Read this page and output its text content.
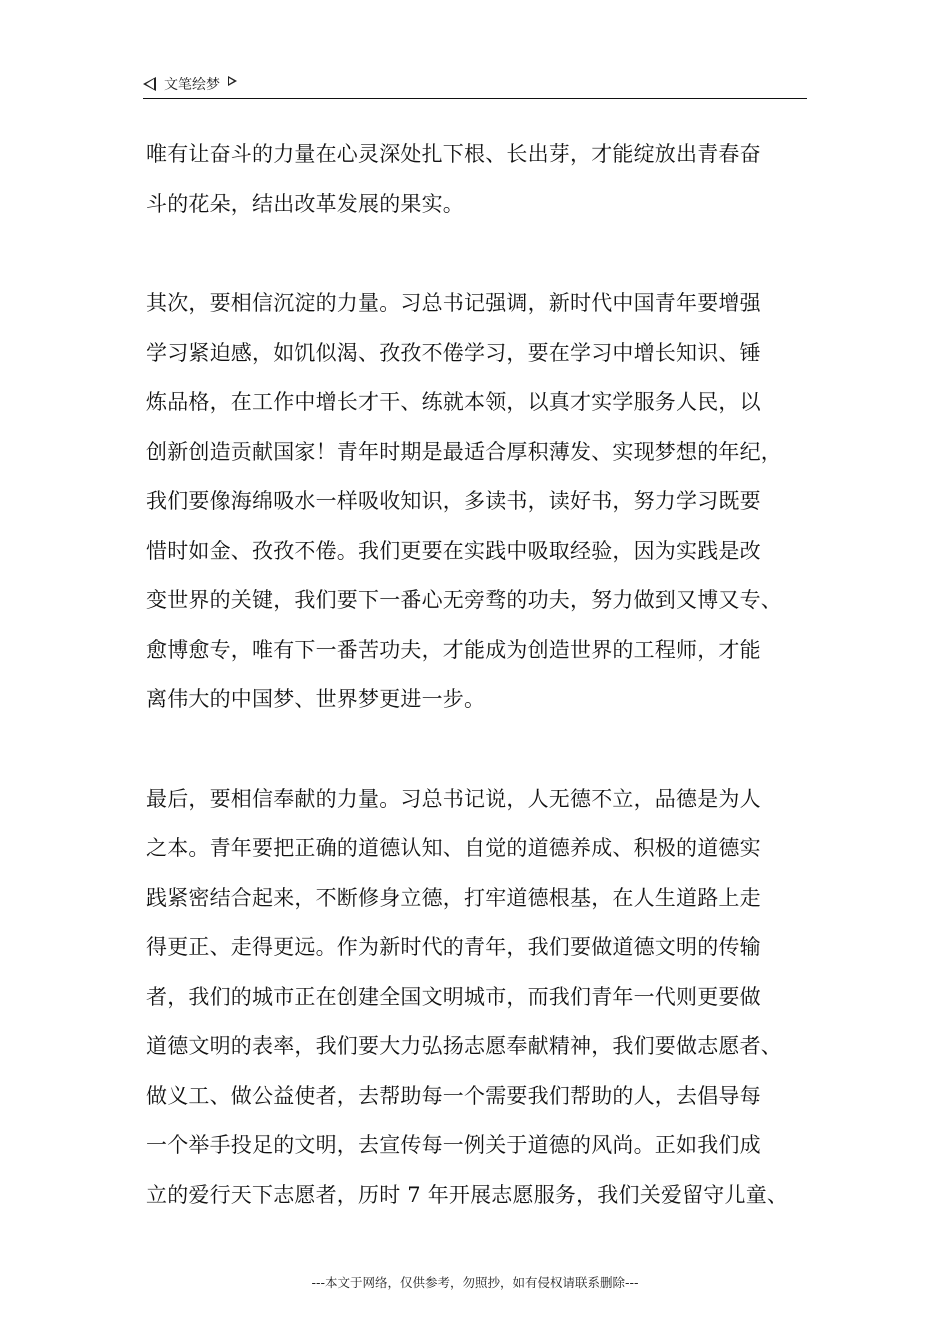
文笔绘梦

唯有让奋斗的力量在心灵深处扎下根、长出芽，才能绽放出青春奋
斗的花朵，结出改革发展的果实。

其次，要相信沉淀的力量。习总书记强调，新时代中国青年要增强
学习紧迫感，如饥似渴、孜孜不倦学习，要在学习中增长知识、锤
炼品格，在工作中增长才干、练就本领，以真才实学服务人民，以
创新创造贡献国家！青年时期是最适合厚积薄发、实现梦想的年纪，
我们要像海绵吸水一样吸收知识，多读书，读好书，努力学习既要
惜时如金、孜孜不倦。我们更要在实践中吸取经验，因为实践是改
变世界的关键，我们要下一番心无旁骛的功夫，努力做到又博又专、
愈博愈专，唯有下一番苦功夫，才能成为创造世界的工程师，才能
离伟大的中国梦、世界梦更进一步。

最后，要相信奉献的力量。习总书记说，人无德不立，品德是为人
之本。青年要把正确的道德认知、自觉的道德养成、积极的道德实
践紧密结合起来，不断修身立德，打牢道德根基，在人生道路上走
得更正、走得更远。作为新时代的青年，我们要做道德文明的传输
者，我们的城市正在创建全国文明城市，而我们青年一代则更要做
道德文明的表率，我们要大力弘扬志愿奉献精神，我们要做志愿者、
做义工、做公益使者，去帮助每一个需要我们帮助的人，去倡导每
一个举手投足的文明，去宣传每一例关于道德的风尚。正如我们成
立的爱行天下志愿者，历时 7 年开展志愿服务，我们关爱留守儿童、

---本文于网络，仅供参考，勿照抄，如有侵权请联系删除---
